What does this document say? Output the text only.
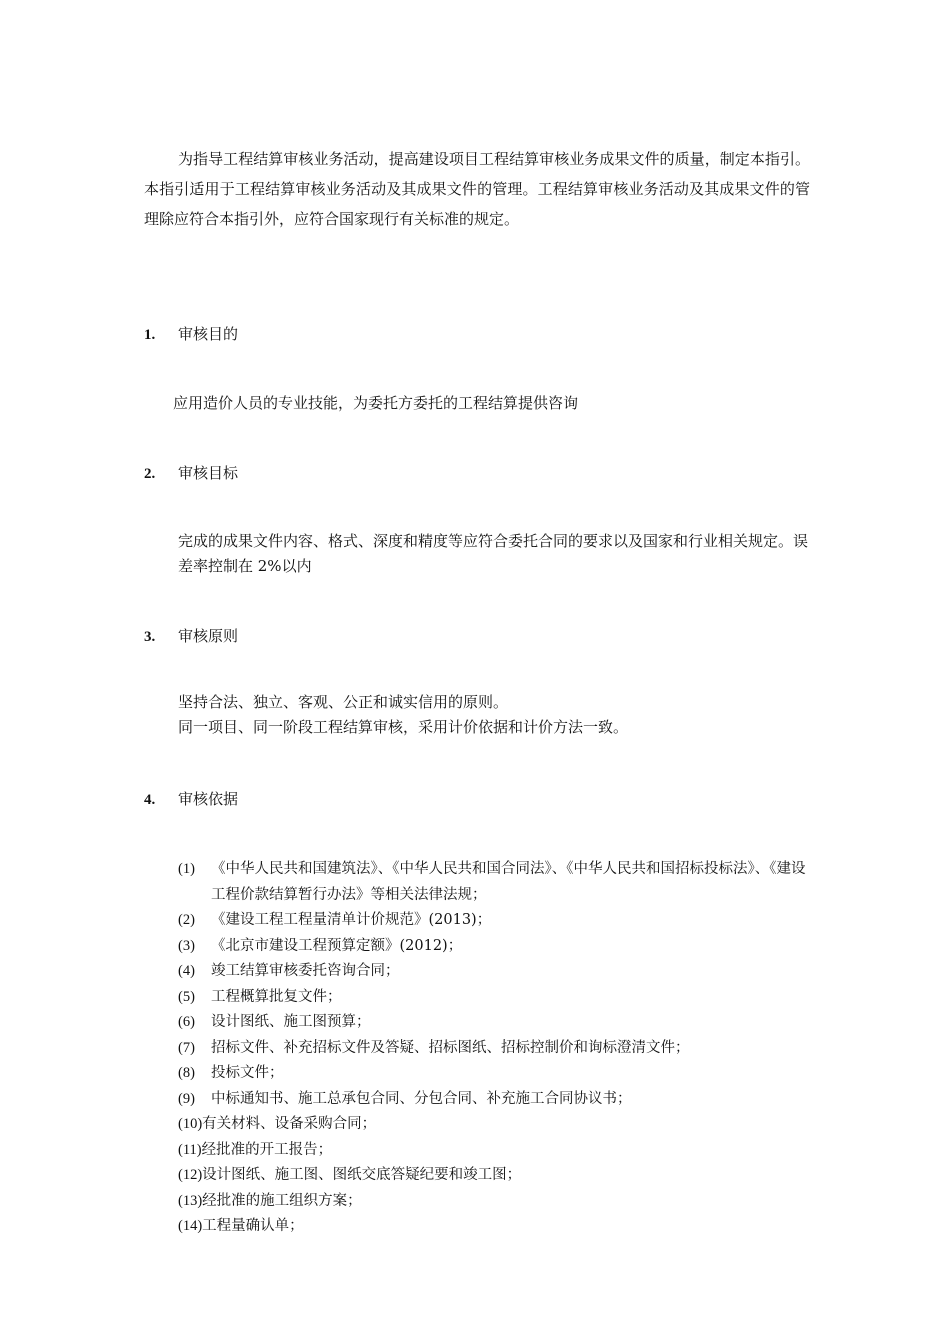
为指导工程结算审核业务活动，提高建设项目工程结算审核业务成果文件的质量，制定本指引。本指引适用于工程结算审核业务活动及其成果文件的管理。工程结算审核业务活动及其成果文件的管理除应符合本指引外，应符合国家现行有关标准的规定。

1. 审核目的

应用造价人员的专业技能，为委托方委托的工程结算提供咨询

2. 审核目标

完成的成果文件内容、格式、深度和精度等应符合委托合同的要求以及国家和行业相关规定。误差率控制在 2%以内

3. 审核原则

坚持合法、独立、客观、公正和诚实信用的原则。
同一项目、同一阶段工程结算审核，采用计价依据和计价方法一致。

4. 审核依据
(1) 《中华人民共和国建筑法》、《中华人民共和国合同法》、《中华人民共和国招标投标法》、《建设工程价款结算暂行办法》等相关法律法规；
(2) 《建设工程工程量清单计价规范》(2013)；
(3) 《北京市建设工程预算定额》(2012)；
(4) 竣工结算审核委托咨询合同；
(5) 工程概算批复文件；
(6) 设计图纸、施工图预算；
(7) 招标文件、补充招标文件及答疑、招标图纸、招标控制价和询标澄清文件；
(8) 投标文件；
(9) 中标通知书、施工总承包合同、分包合同、补充施工合同协议书；
(10)有关材料、设备采购合同；
(11)经批准的开工报告；
(12)设计图纸、施工图、图纸交底答疑纪要和竣工图；
(13)经批准的施工组织方案；
(14)工程量确认单；
